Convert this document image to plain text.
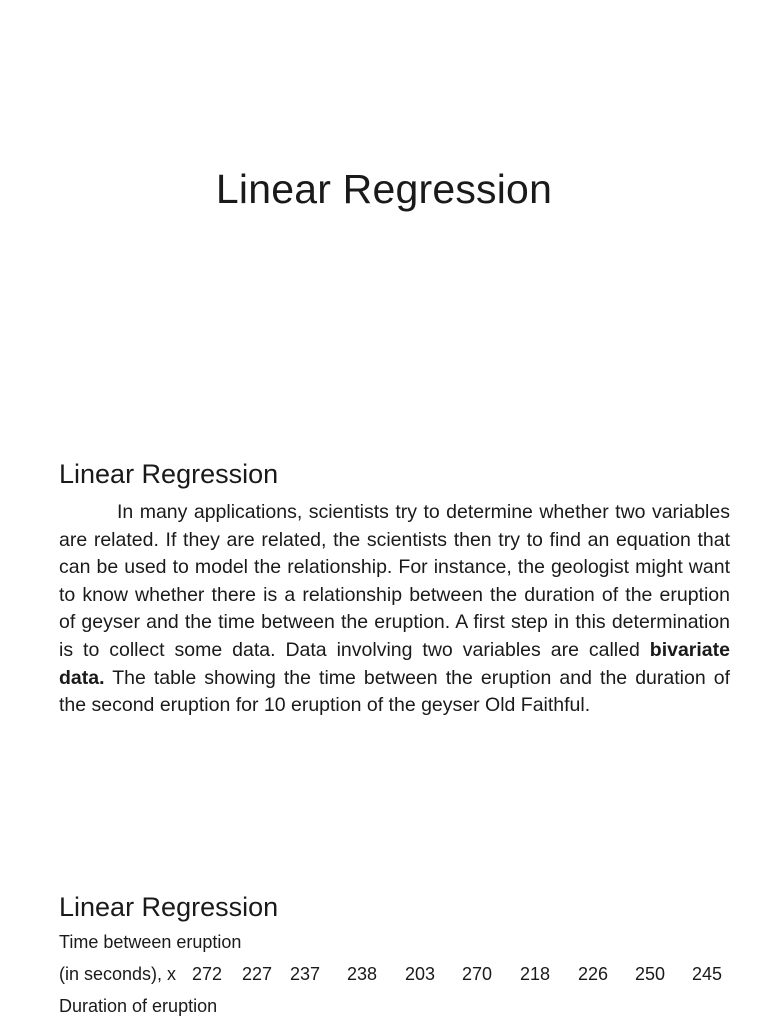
Linear Regression
Linear Regression

In many applications, scientists try to determine whether two variables are related. If they are related, the scientists then try to find an equation that can be used to model the relationship. For instance, the geologist might want to know whether there is a relationship between the duration of the eruption of geyser and the time between the eruption. A first step in this determination is to collect some data. Data involving two variables are called bivariate data. The table showing the time between the eruption and the duration of the second eruption for 10 eruption of the geyser Old Faithful.

Linear Regression
Time between eruption
(in seconds), x 272 227 237 238 203 270 218 226 250 245
Duration of eruption
